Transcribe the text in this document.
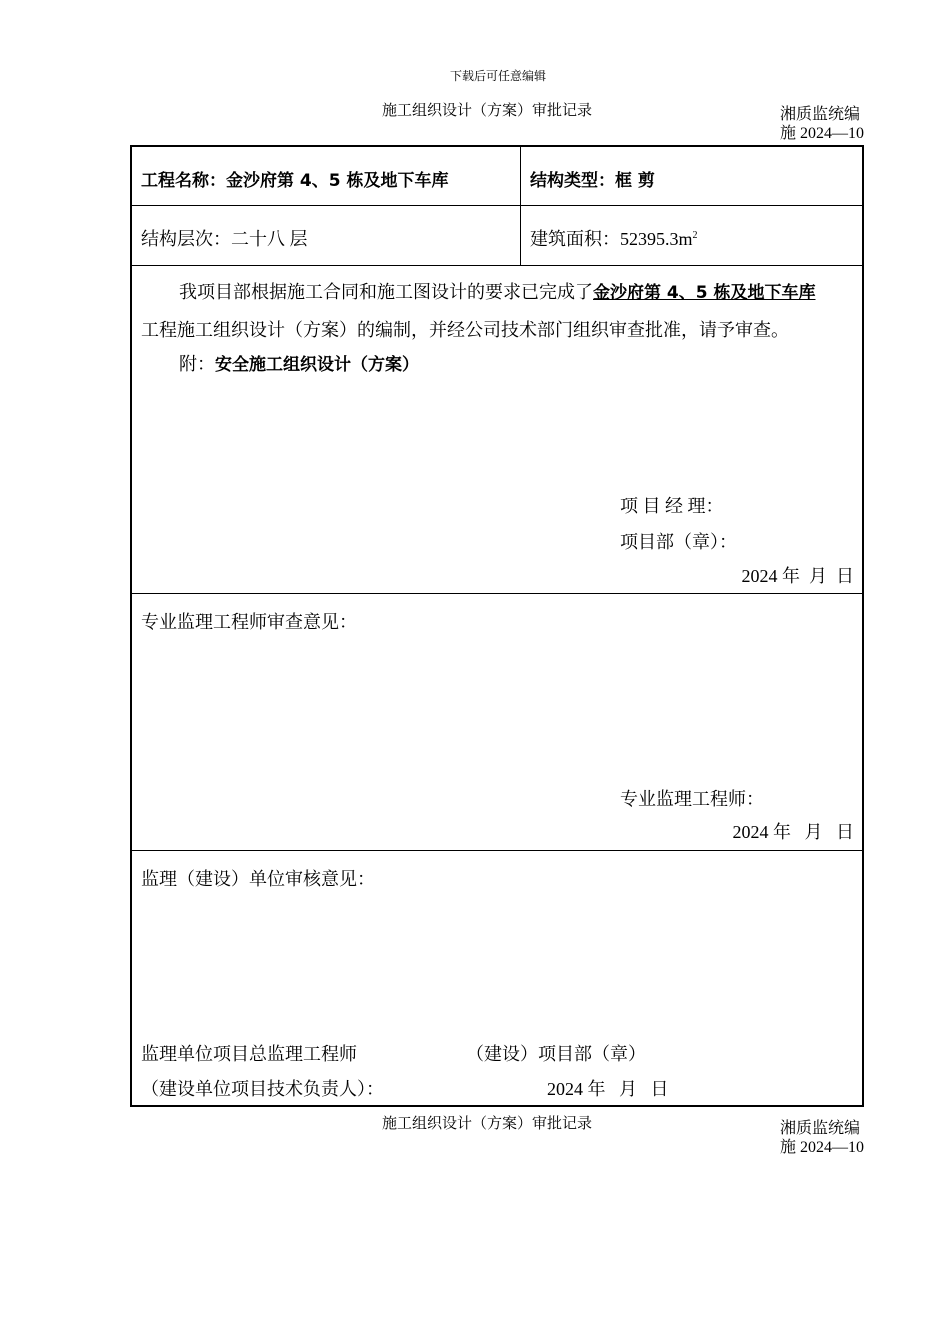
下载后可任意编辑
施工组织设计（方案）审批记录	湘质监统编
施 2024—10
工程名称：金沙府第 4、5 栋及地下车库	结构类型：框 剪
结构层次：二十八 层	建筑面积：$52395.3m^2$
我项目部根据施工合同和施工图设计的要求已完成了金沙府第 4、5 栋及地下车库
工程施工组织设计（方案）的编制，并经公司技术部门组织审查批准，请予审查。
附：安全施工组织设计（方案）
项 目 经 理：
项目部（章）：
2024 年  月  日
专业监理工程师审查意见：
专业监理工程师：
2024 年   月   日
监理（建设）单位审核意见：
监理单位项目总监理工程师	（建设）项目部（章）
（建设单位项目技术负责人）：	2024 年   月   日
施工组织设计（方案）审批记录	湘质监统编
施 2024—10
